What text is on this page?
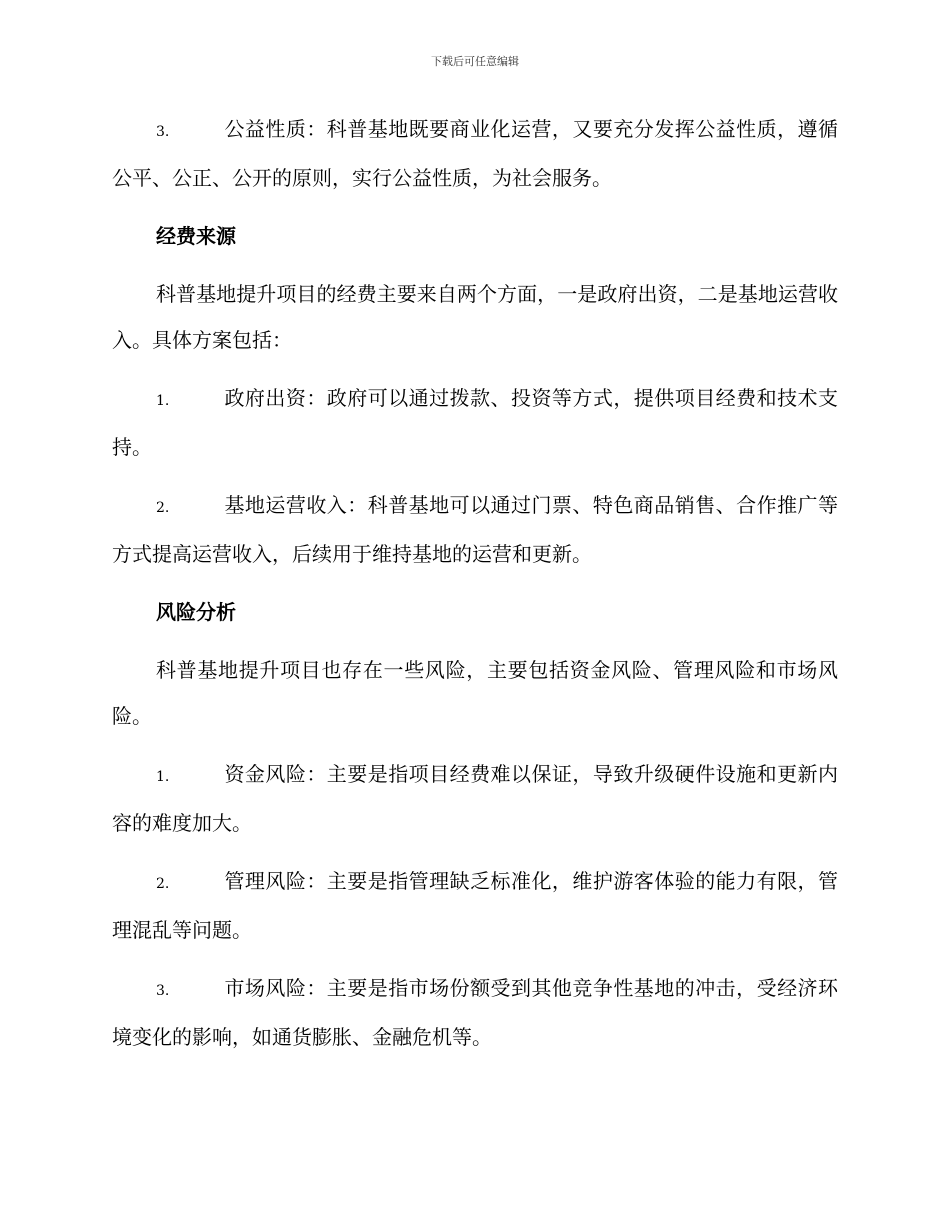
下载后可任意编辑
3.	公益性质：科普基地既要商业化运营，又要充分发挥公益性质，遵循公平、公正、公开的原则，实行公益性质，为社会服务。
经费来源
科普基地提升项目的经费主要来自两个方面，一是政府出资，二是基地运营收入。具体方案包括：
1.	政府出资：政府可以通过拨款、投资等方式，提供项目经费和技术支持。
2.	基地运营收入：科普基地可以通过门票、特色商品销售、合作推广等方式提高运营收入，后续用于维持基地的运营和更新。
风险分析
科普基地提升项目也存在一些风险，主要包括资金风险、管理风险和市场风险。
1.	资金风险：主要是指项目经费难以保证，导致升级硬件设施和更新内容的难度加大。
2.	管理风险：主要是指管理缺乏标准化，维护游客体验的能力有限，管理混乱等问题。
3.	市场风险：主要是指市场份额受到其他竞争性基地的冲击，受经济环境变化的影响，如通货膨胀、金融危机等。
